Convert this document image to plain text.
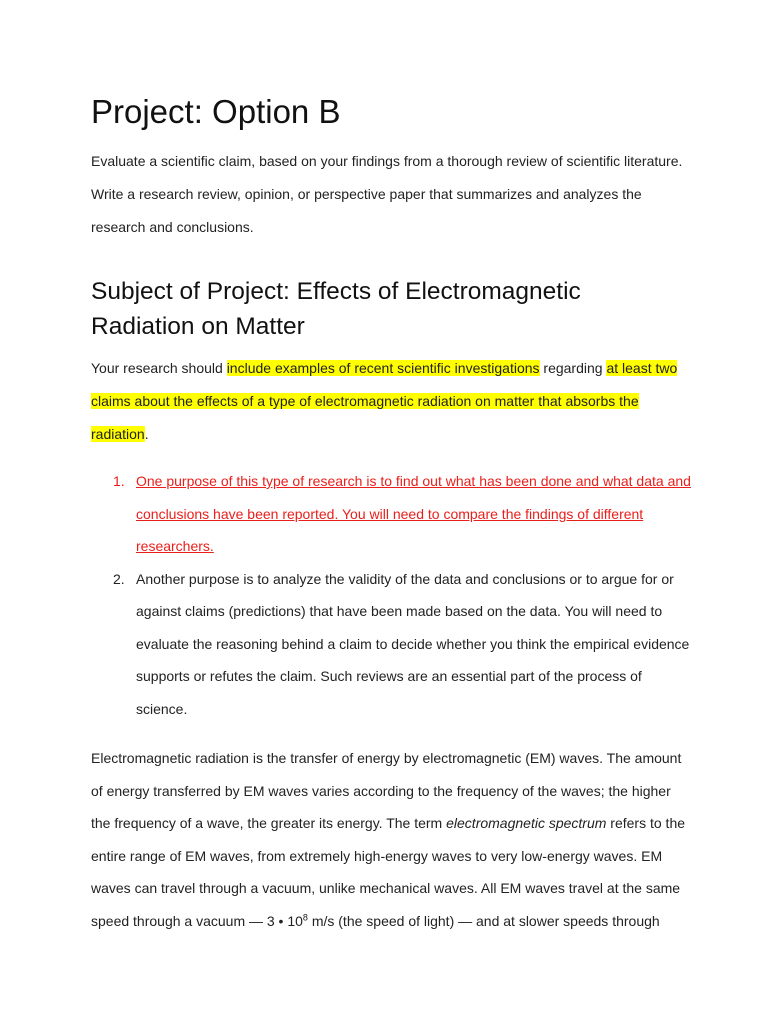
Project: Option B

Evaluate a scientific claim, based on your findings from a thorough review of scientific literature. Write a research review, opinion, or perspective paper that summarizes and analyzes the research and conclusions.

Subject of Project: Effects of Electromagnetic Radiation on Matter

Your research should include examples of recent scientific investigations regarding at least two claims about the effects of a type of electromagnetic radiation on matter that absorbs the radiation.

1. One purpose of this type of research is to find out what has been done and what data and conclusions have been reported. You will need to compare the findings of different researchers.
2. Another purpose is to analyze the validity of the data and conclusions or to argue for or against claims (predictions) that have been made based on the data. You will need to evaluate the reasoning behind a claim to decide whether you think the empirical evidence supports or refutes the claim. Such reviews are an essential part of the process of science.

Electromagnetic radiation is the transfer of energy by electromagnetic (EM) waves. The amount of energy transferred by EM waves varies according to the frequency of the waves; the higher the frequency of a wave, the greater its energy. The term electromagnetic spectrum refers to the entire range of EM waves, from extremely high-energy waves to very low-energy waves. EM waves can travel through a vacuum, unlike mechanical waves. All EM waves travel at the same speed through a vacuum — 3 • $10^8$ m/s (the speed of light) — and at slower speeds through
